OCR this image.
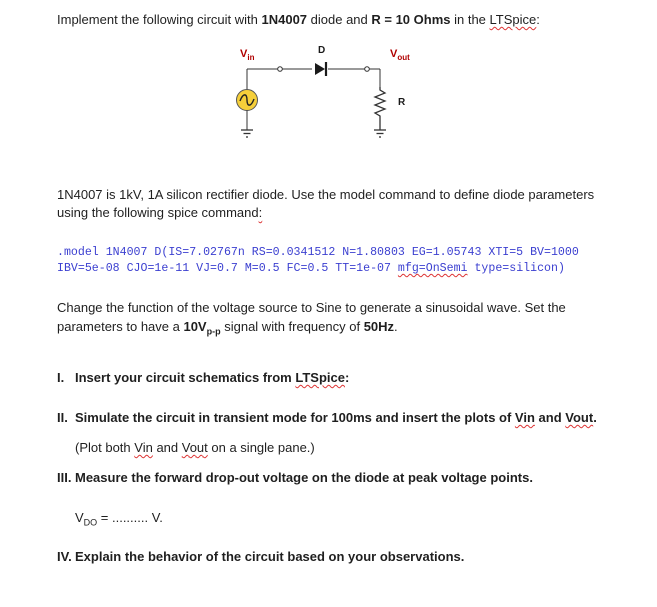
Implement the following circuit with 1N4007 diode and R = 10 Ohms in the LTSpice:
$V_{in}$
D	$V_{out}$
R
1N4007 is 1kV, 1A silicon rectifier diode. Use the model command to define diode parameters
using the following spice command:
.model 1N4007 D(IS=7.02767n RS=0.0341512 N=1.80803 EG=1.05743 XTI=5 BV=1000
IBV=5e-08 CJO=1e-11 VJ=0.7 M=0.5 FC=0.5 TT=1e-07 mfg=OnSemi type=silicon)
Change the function of the voltage source to Sine to generate a sinusoidal wave. Set the
parameters to have a $10V_{p-p}$ signal with frequency of 50Hz.
I. Insert your circuit schematics from LTSpice:
II. Simulate the circuit in transient mode for 100ms and insert the plots of Vin and Vout.
(Plot both Vin and Vout on a single pane.)
III. Measure the forward drop-out voltage on the diode at peak voltage points.
$V_{DO}$ = .......... V.
IV. Explain the behavior of the circuit based on your observations.
